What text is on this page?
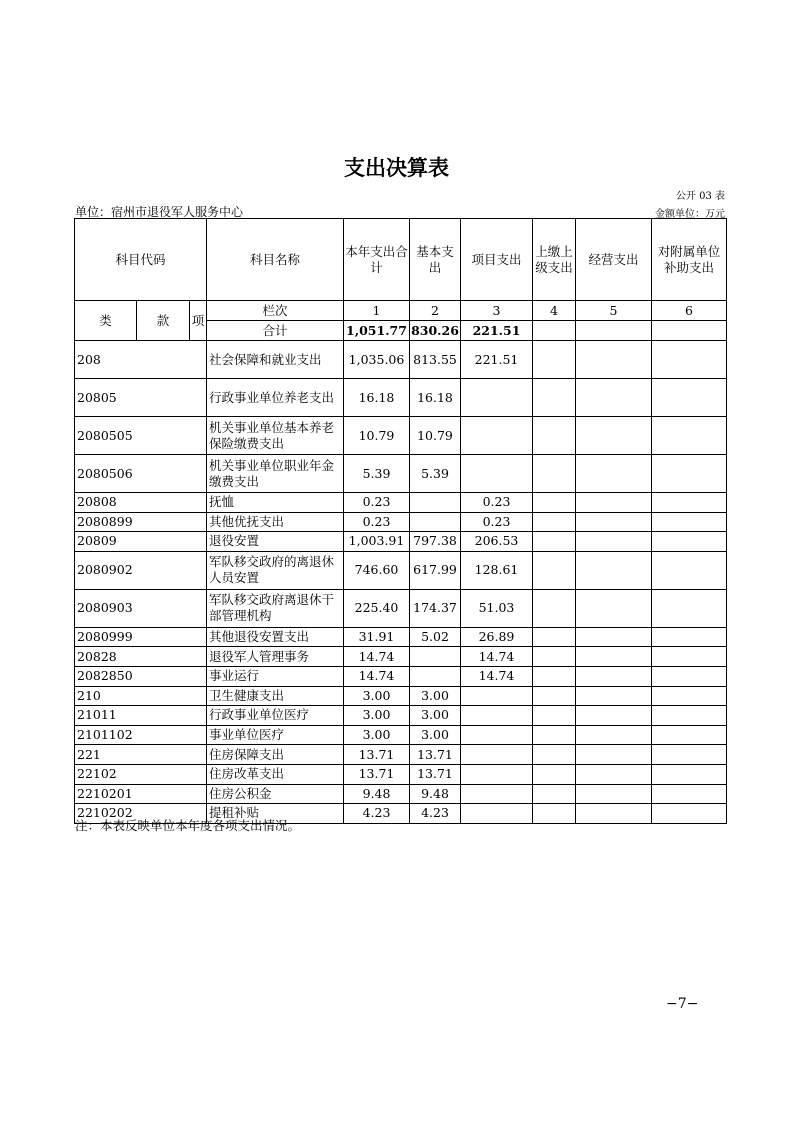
支出决算表
公开 03 表
单位：宿州市退役军人服务中心	金额单位：万元
科目代码			科目名称	本年支出合计	基本支出	项目支出	上缴上级支出	经营支出	对附属单位补助支出
类	款	项	栏次	1	2	3	4	5	6
			合计	1,051.77	830.26	221.51			
208			社会保障和就业支出	1,035.06	813.55	221.51			
20805			行政事业单位养老支出	16.18	16.18				
2080505			机关事业单位基本养老保险缴费支出	10.79	10.79				
2080506			机关事业单位职业年金缴费支出	5.39	5.39				
20808			抚恤	0.23		0.23			
2080899			其他优抚支出	0.23		0.23			
20809			退役安置	1,003.91	797.38	206.53			
2080902			军队移交政府的离退休人员安置	746.60	617.99	128.61			
2080903			军队移交政府离退休干部管理机构	225.40	174.37	51.03			
2080999			其他退役安置支出	31.91	5.02	26.89			
20828			退役军人管理事务	14.74		14.74			
2082850			事业运行	14.74		14.74			
210			卫生健康支出	3.00	3.00				
21011			行政事业单位医疗	3.00	3.00				
2101102			事业单位医疗	3.00	3.00				
221			住房保障支出	13.71	13.71				
22102			住房改革支出	13.71	13.71				
2210201			住房公积金	9.48	9.48				
2210202			提租补贴	4.23	4.23				
注：本表反映单位本年度各项支出情况。
−7−
